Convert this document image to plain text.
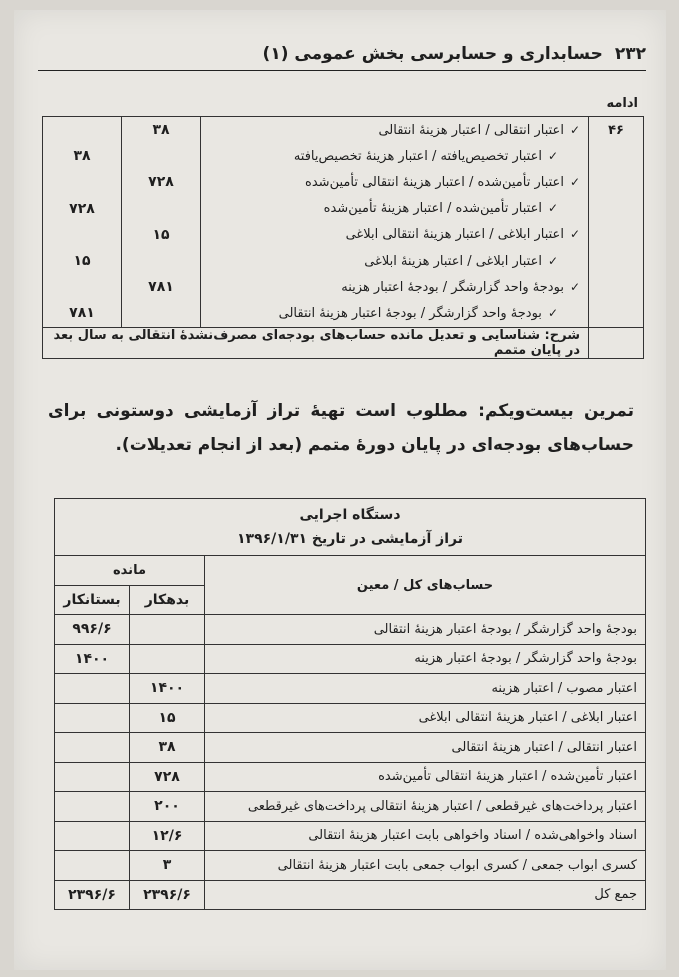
۲۳۲
حسابداری و حسابرسی بخش عمومی (۱)
ادامه
۴۶	✓اعتبار انتقالی / اعتبار هزینهٔ انتقالی	۳۸	
	✓اعتبار تخصیص‌یافته / اعتبار هزینهٔ تخصیص‌یافته		۳۸
	✓اعتبار تأمین‌شده / اعتبار هزینهٔ انتقالی تأمین‌شده	۷۲۸	
	✓اعتبار تأمین‌شده / اعتبار هزینهٔ تأمین‌شده		۷۲۸
	✓اعتبار ابلاغی / اعتبار هزینهٔ انتقالی ابلاغی	۱۵	
	✓اعتبار ابلاغی / اعتبار هزینهٔ ابلاغی		۱۵
	✓بودجهٔ واحد گزارشگر / بودجهٔ اعتبار هزینه	۷۸۱	
	✓بودجهٔ واحد گزارشگر / بودجهٔ اعتبار هزینهٔ انتقالی		۷۸۱
	شرح: شناسایی و تعدیل مانده حساب‌های بودجه‌ای مصرف‌نشدهٔ انتقالی به سال بعد در پایان متمم		
تمرین بیست‌ویکم: مطلوب است تهیهٔ تراز آزمایشی دوستونی برای حساب‌های بودجه‌ای در پایان دورهٔ متمم (بعد از انجام تعدیلات).
دستگاه اجرایی
تراز آزمایشی در تاریخ ۱۳۹۶/۱/۳۱		

حساب‌های کل / معین	مانده	
	بدهکار	بستانکار
بودجهٔ واحد گزارشگر / بودجهٔ اعتبار هزینهٔ انتقالی		۹۹۶/۶
بودجهٔ واحد گزارشگر / بودجهٔ اعتبار هزینه		۱۴۰۰
اعتبار مصوب / اعتبار هزینه	۱۴۰۰	
اعتبار ابلاغی / اعتبار هزینهٔ انتقالی ابلاغی	۱۵	
اعتبار انتقالی / اعتبار هزینهٔ انتقالی	۳۸	
اعتبار تأمین‌شده / اعتبار هزینهٔ انتقالی تأمین‌شده	۷۲۸	
اعتبار پرداخت‌های غیرقطعی / اعتبار هزینهٔ انتقالی پرداخت‌های غیرقطعی	۲۰۰	
اسناد واخواهی‌شده / اسناد واخواهی بابت اعتبار هزینهٔ انتقالی	۱۲/۶	
کسری ابواب جمعی / کسری ابواب جمعی بابت اعتبار هزینهٔ انتقالی	۳	
جمع کل	۲۳۹۶/۶	۲۳۹۶/۶
